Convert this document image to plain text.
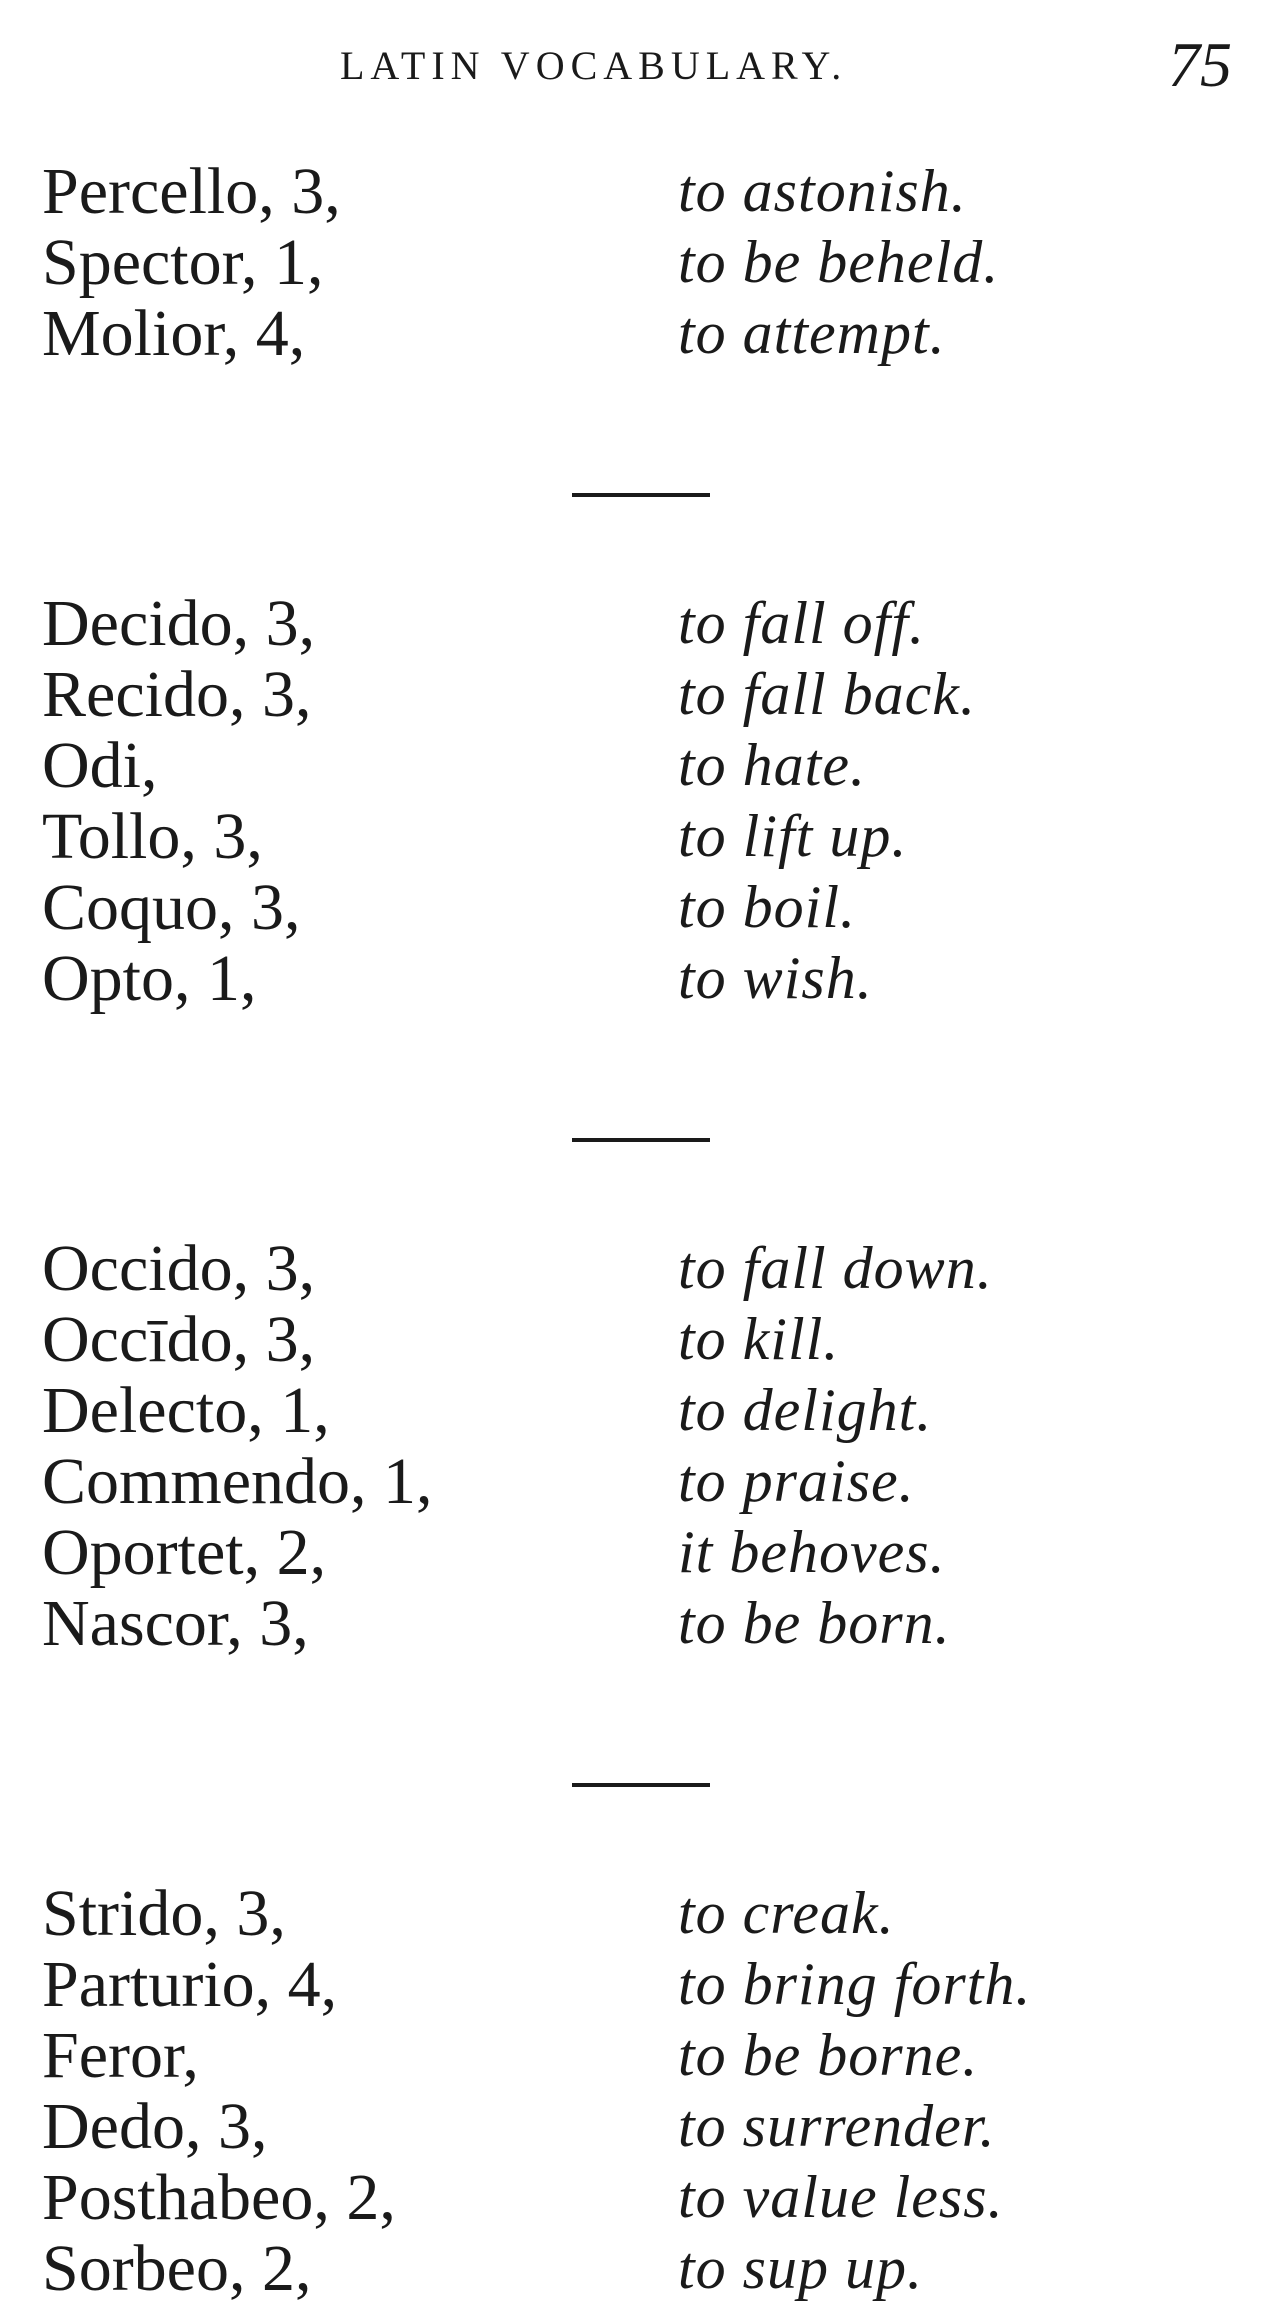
LATIN VOCABULARY.	75
Percello, 3,	to astonish.
Spector, 1,	to be beheld.
Molior, 4,	to attempt.
Decido, 3,	to fall off.
Recido, 3,	to fall back.
Odi,	to hate.
Tollo, 3,	to lift up.
Coquo, 3,	to boil.
Opto, 1,	to wish.
Occido, 3,	to fall down.
Occīdo, 3,	to kill.
Delecto, 1,	to delight.
Commendo, 1,	to praise.
Oportet, 2,	it behoves.
Nascor, 3,	to be born.
Strido, 3,	to creak.
Parturio, 4,	to bring forth.
Feror,	to be borne.
Dedo, 3,	to surrender.
Posthabeo, 2,	to value less.
Sorbeo, 2,	to sup up.
